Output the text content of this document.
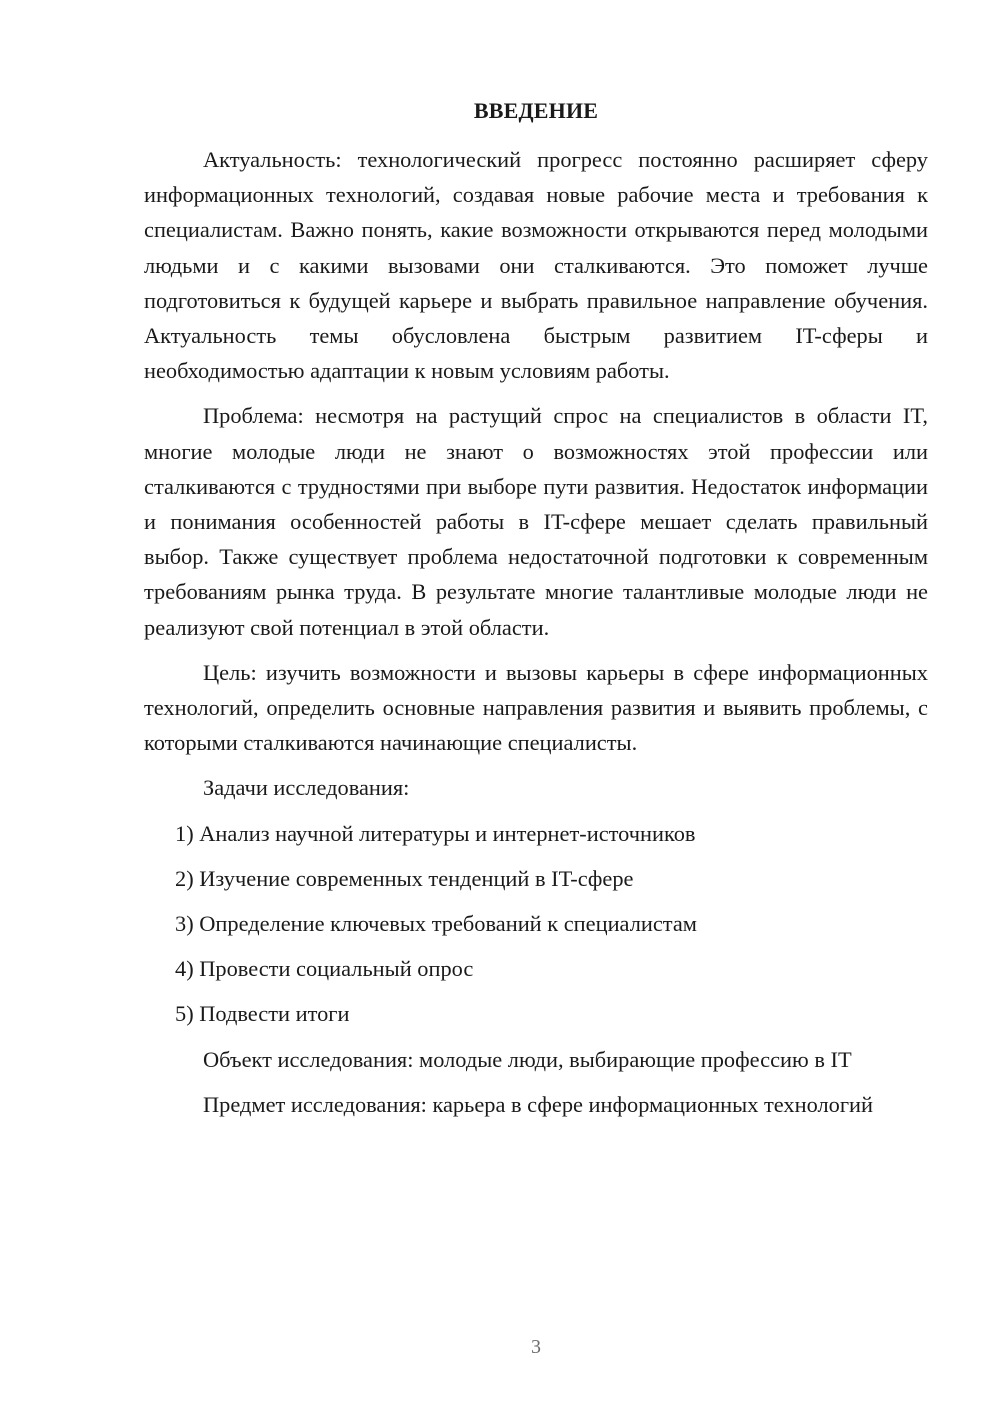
ВВЕДЕНИЕ

Актуальность: технологический прогресс постоянно расширяет сферу информационных технологий, создавая новые рабочие места и требования к специалистам. Важно понять, какие возможности открываются перед молодыми людьми и с какими вызовами они сталкиваются. Это поможет лучше подготовиться к будущей карьере и выбрать правильное направление обучения. Актуальность темы обусловлена быстрым развитием IT-сферы и необходимостью адаптации к новым условиям работы.

Проблема: несмотря на растущий спрос на специалистов в области IT, многие молодые люди не знают о возможностях этой профессии или сталкиваются с трудностями при выборе пути развития. Недостаток информации и понимания особенностей работы в IT-сфере мешает сделать правильный выбор. Также существует проблема недостаточной подготовки к современным требованиям рынка труда. В результате многие талантливые молодые люди не реализуют свой потенциал в этой области.

Цель: изучить возможности и вызовы карьеры в сфере информационных технологий, определить основные направления развития и выявить проблемы, с которыми сталкиваются начинающие специалисты.

Задачи исследования:

1) Анализ научной литературы и интернет-источников
2) Изучение современных тенденций в IT-сфере
3) Определение ключевых требований к специалистам
4) Провести социальный опрос
5) Подвести итоги

Объект исследования: молодые люди, выбирающие профессию в IT

Предмет исследования: карьера в сфере информационных технологий

3
